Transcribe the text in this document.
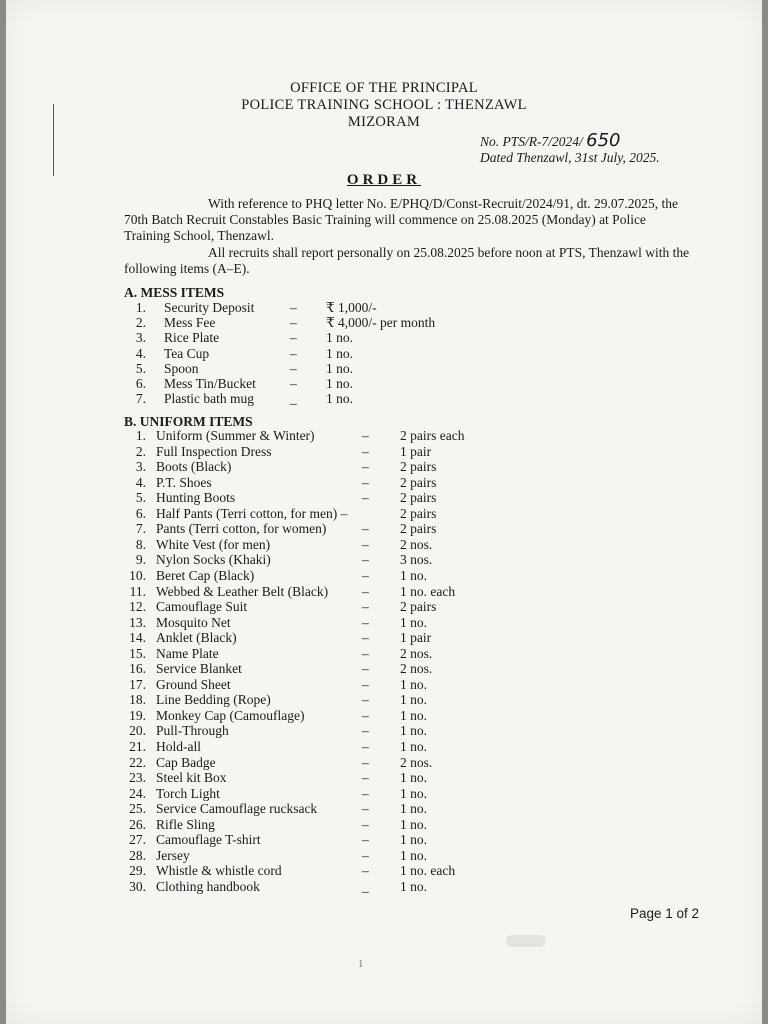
OFFICE OF THE PRINCIPAL
POLICE TRAINING SCHOOL : THENZAWL
MIZORAM
No. PTS/R-7/2024/ 650
Dated Thenzawl, 31st July, 2025.
ORDER
With reference to PHQ letter No. E/PHQ/D/Const-Recruit/2024/91, dt. 29.07.2025, the 70th Batch Recruit Constables Basic Training will commence on 25.08.2025 (Monday) at Police Training School, Thenzawl.
All recruits shall report personally on 25.08.2025 before noon at PTS, Thenzawl with the following items (A–E).
A. MESS ITEMS
1. Security Deposit	– ₹ 1,000/-
2. Mess Fee	– ₹ 4,000/- per month
3. Rice Plate	– 1 no.
4. Tea Cup	– 1 no.
5. Spoon	– 1 no.
6. Mess Tin/Bucket	– 1 no.
7. Plastic bath mug	_ 1 no.
B. UNIFORM ITEMS
1. Uniform (Summer & Winter)	– 2 pairs each
2. Full Inspection Dress	– 1 pair
3. Boots (Black)	– 2 pairs
4. P.T. Shoes	– 2 pairs
5. Hunting Boots	– 2 pairs
6. Half Pants (Terri cotton, for men) –	2 pairs
7. Pants (Terri cotton, for women)	– 2 pairs
8. White Vest (for men)	– 2 nos.
9. Nylon Socks (Khaki)	– 3 nos.
10. Beret Cap (Black)	– 1 no.
11. Webbed & Leather Belt (Black)	– 1 no. each
12. Camouflage Suit	– 2 pairs
13. Mosquito Net	– 1 no.
14. Anklet (Black)	– 1 pair
15. Name Plate	– 2 nos.
16. Service Blanket	– 2 nos.
17. Ground Sheet	– 1 no.
18. Line Bedding (Rope)	– 1 no.
19. Monkey Cap (Camouflage)	– 1 no.
20. Pull-Through	– 1 no.
21. Hold-all	– 1 no.
22. Cap Badge	– 2 nos.
23. Steel kit Box	– 1 no.
24. Torch Light	– 1 no.
25. Service Camouflage rucksack	– 1 no.
26. Rifle Sling	– 1 no.
27. Camouflage T-shirt	– 1 no.
28. Jersey	– 1 no.
29. Whistle & whistle cord	– 1 no. each
30. Clothing handbook	_ 1 no.
Page 1 of 2
1
